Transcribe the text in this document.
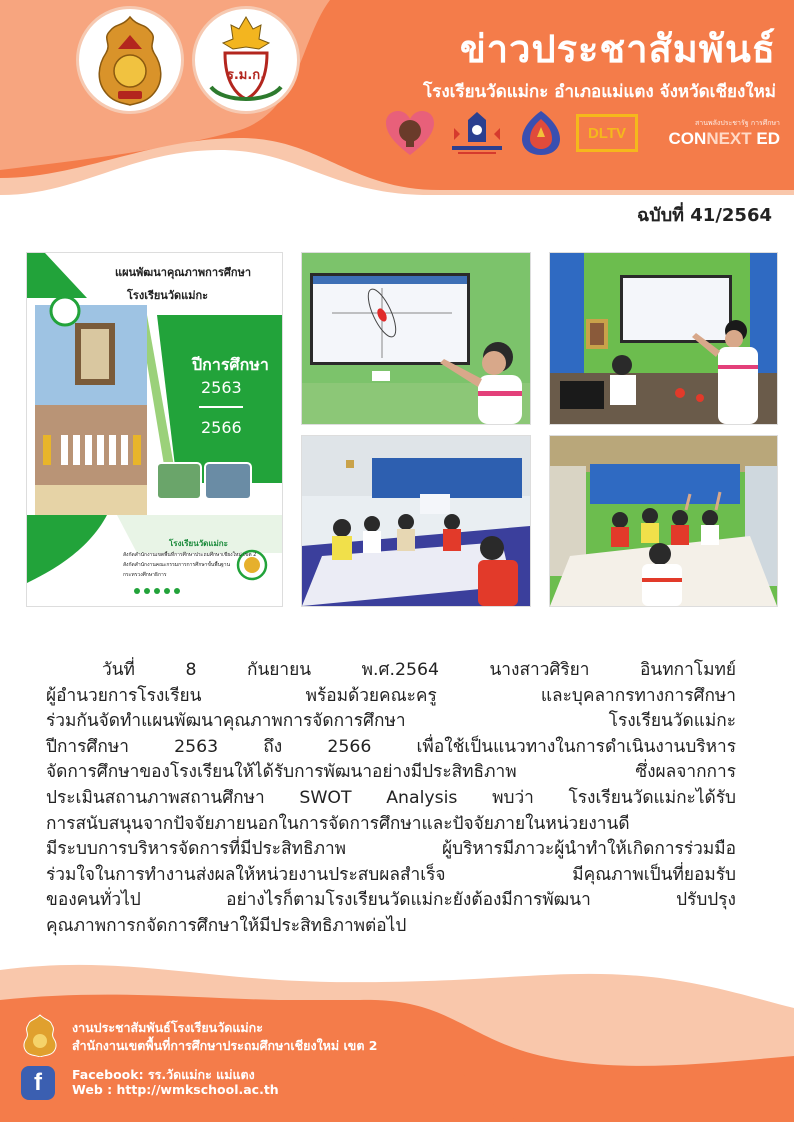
ร.ม.ก.
ข่าวประชาสัมพันธ์
โรงเรียนวัดแม่กะ อำเภอแม่แตง จังหวัดเชียงใหม่
DLTV
สานพลังประชารัฐ การศึกษา
CONNEXT ED
ฉบับที่ 41/2564
แผนพัฒนาคุณภาพการศึกษา
โรงเรียนวัดแม่กะ
ปีการศึกษา
2563
2566
โรงเรียนวัดแม่กะ
สังกัดสำนักงานเขตพื้นที่การศึกษาประถมศึกษาเชียงใหม่ เขต 2
สังกัดสำนักงานคณะกรรมการการศึกษาขั้นพื้นฐาน
กระทรวงศึกษาธิการ
วันที่ 8 กันยายน พ.ศ.2564 นางสาวศิริยา อินทกาโมทย์
ผู้อำนวยการโรงเรียน พร้อมด้วยคณะครู และบุคลากรทางการศึกษา
ร่วมกันจัดทำแผนพัฒนาคุณภาพการจัดการศึกษา โรงเรียนวัดแม่กะ
ปีการศึกษา 2563 ถึง 2566 เพื่อใช้เป็นแนวทางในการดำเนินงานบริหาร
จัดการศึกษาของโรงเรียนให้ได้รับการพัฒนาอย่างมีประสิทธิภาพ ซึ่งผลจากการ
ประเมินสถานภาพสถานศึกษา SWOT Analysis พบว่า โรงเรียนวัดแม่กะได้รับ
การสนับสนุนจากปัจจัยภายนอกในการจัดการศึกษาและปัจจัยภายในหน่วยงานดี
มีระบบการบริหารจัดการที่มีประสิทธิภาพ ผู้บริหารมีภาวะผู้นำทำให้เกิดการร่วมมือ
ร่วมใจในการทำงานส่งผลให้หน่วยงานประสบผลสำเร็จ มีคุณภาพเป็นที่ยอมรับ
ของคนทั่วไป อย่างไรก็ตามโรงเรียนวัดแม่กะยังต้องมีการพัฒนา ปรับปรุง
คุณภาพการกจัดการศึกษาให้มีประสิทธิภาพต่อไป
งานประชาสัมพันธ์โรงเรียนวัดแม่กะ
สำนักงานเขตพื้นที่การศึกษาประถมศึกษาเชียงใหม่ เขต 2
f	Facebook: รร.วัดแม่กะ แม่แตง
Web : http://wmkschool.ac.th
